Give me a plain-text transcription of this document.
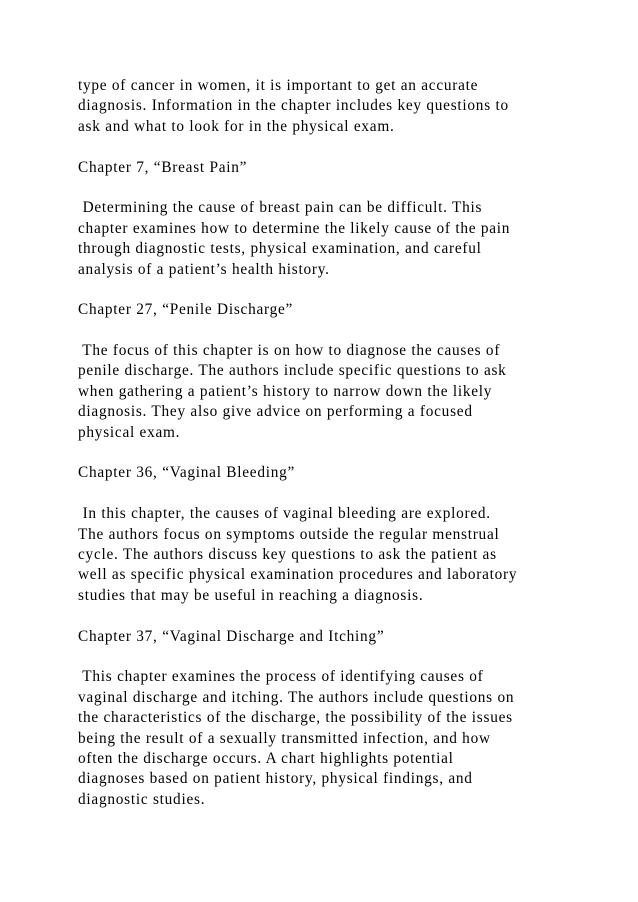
type of cancer in women, it is important to get an accurate
diagnosis. Information in the chapter includes key questions to
ask and what to look for in the physical exam.
Chapter 7, “Breast Pain”
Determining the cause of breast pain can be difficult. This
chapter examines how to determine the likely cause of the pain
through diagnostic tests, physical examination, and careful
analysis of a patient’s health history.
Chapter 27, “Penile Discharge”
The focus of this chapter is on how to diagnose the causes of
penile discharge. The authors include specific questions to ask
when gathering a patient’s history to narrow down the likely
diagnosis. They also give advice on performing a focused
physical exam.
Chapter 36, “Vaginal Bleeding”
In this chapter, the causes of vaginal bleeding are explored.
The authors focus on symptoms outside the regular menstrual
cycle. The authors discuss key questions to ask the patient as
well as specific physical examination procedures and laboratory
studies that may be useful in reaching a diagnosis.
Chapter 37, “Vaginal Discharge and Itching”
This chapter examines the process of identifying causes of
vaginal discharge and itching. The authors include questions on
the characteristics of the discharge, the possibility of the issues
being the result of a sexually transmitted infection, and how
often the discharge occurs. A chart highlights potential
diagnoses based on patient history, physical findings, and
diagnostic studies.
